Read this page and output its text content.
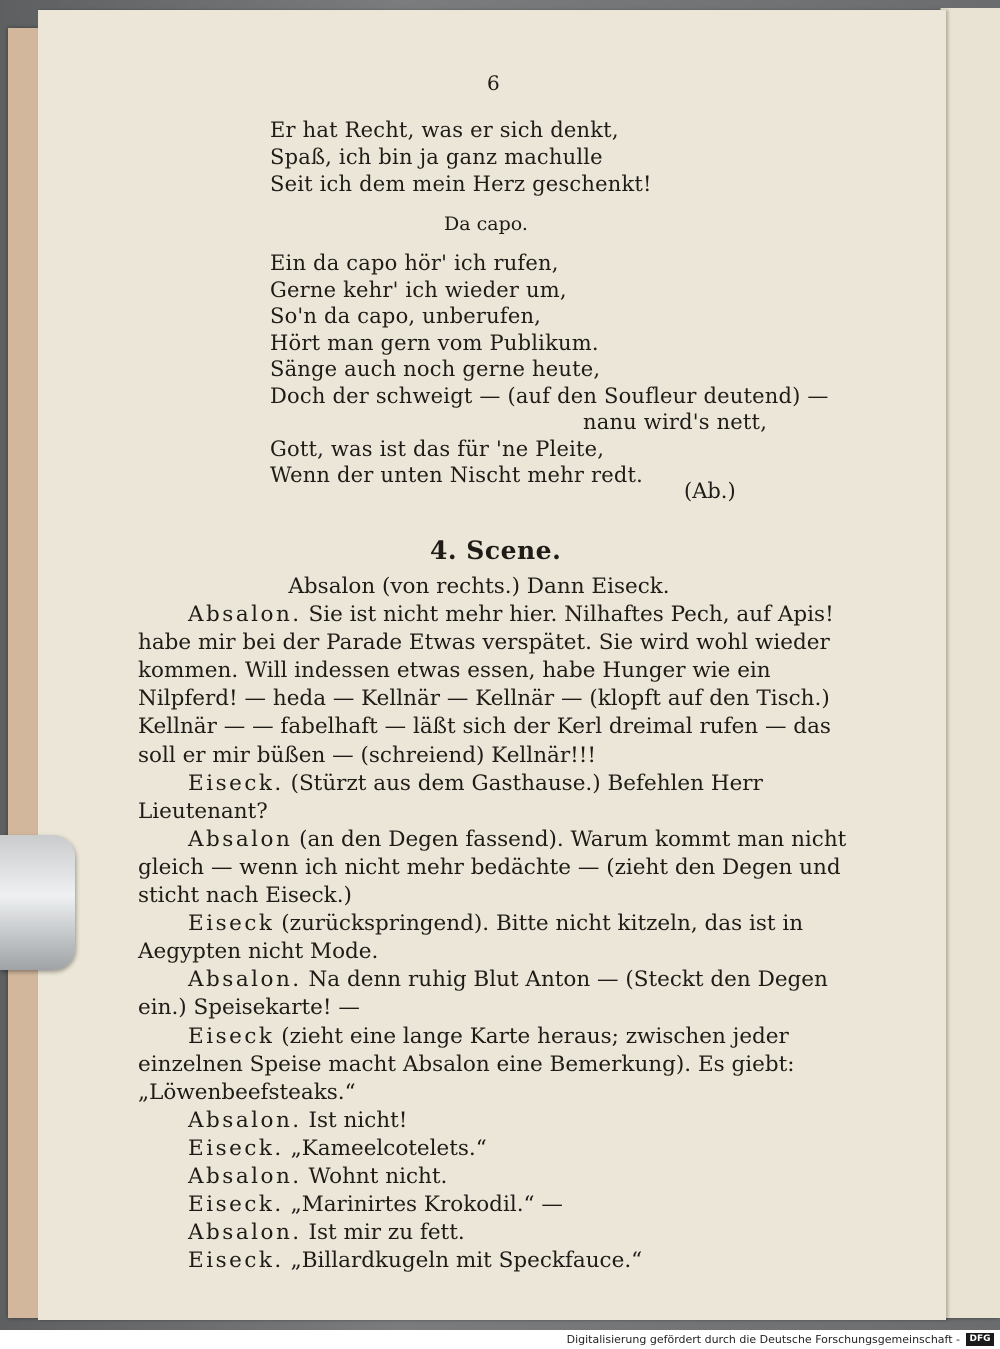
6
Er hat Recht, was er sich denkt,
Spaß, ich bin ja ganz machulle
Seit ich dem mein Herz geschenkt!
Da capo.
Ein da capo hör' ich rufen,
Gerne kehr' ich wieder um,
So'n da capo, unberufen,
Hört man gern vom Publikum.
Sänge auch noch gerne heute,
Doch der schweigt — (auf den Soufleur deutend) —
nanu wird's nett,
Gott, was ist das für 'ne Pleite,
Wenn der unten Nischt mehr redt.
(Ab.)
4. Scene.

Absalon (von rechts.) Dann Eiseck.

Absalon. Sie ist nicht mehr hier. Nilhaftes Pech, auf Apis! habe mir bei der Parade Etwas verspätet. Sie wird wohl wieder kommen. Will indessen etwas essen, habe Hunger wie ein Nilpferd! — heda — Kellnär — Kellnär — (klopft auf den Tisch.) Kellnär — — fabelhaft — läßt sich der Kerl dreimal rufen — das soll er mir büßen — (schreiend) Kellnär!!!

Eiseck. (Stürzt aus dem Gasthause.) Befehlen Herr Lieutenant?

Absalon (an den Degen fassend). Warum kommt man nicht gleich — wenn ich nicht mehr bedächte — (zieht den Degen und sticht nach Eiseck.)

Eiseck (zurückspringend). Bitte nicht kitzeln, das ist in Aegypten nicht Mode.

Absalon. Na denn ruhig Blut Anton — (Steckt den Degen ein.) Speisekarte! —

Eiseck (zieht eine lange Karte heraus; zwischen jeder einzelnen Speise macht Absalon eine Bemerkung). Es giebt: „Löwenbeefsteaks.“

Absalon. Ist nicht!

Eiseck. „Kameelcotelets.“

Absalon. Wohnt nicht.

Eiseck. „Marinirtes Krokodil.“ —

Absalon. Ist mir zu fett.

Eiseck. „Billardkugeln mit Speckfauce.“

Digitalisierung gefördert durch die Deutsche Forschungsgemeinschaft -	DFG
